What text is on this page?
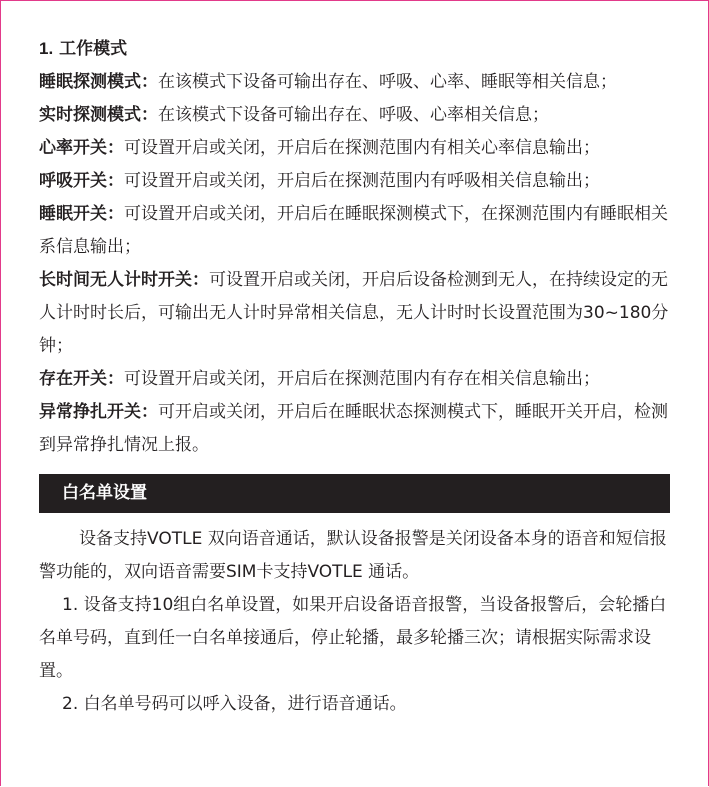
1. 工作模式

睡眠探测模式：在该模式下设备可输出存在、呼吸、心率、睡眠等相关信息；

实时探测模式：在该模式下设备可输出存在、呼吸、心率相关信息；

心率开关：可设置开启或关闭，开启后在探测范围内有相关心率信息输出；

呼吸开关：可设置开启或关闭，开启后在探测范围内有呼吸相关信息输出；

睡眠开关：可设置开启或关闭，开启后在睡眠探测模式下，在探测范围内有睡眠相关系信息输出；

长时间无人计时开关：可设置开启或关闭，开启后设备检测到无人，在持续设定的无人计时时长后，可输出无人计时异常相关信息，无人计时时长设置范围为30~180分钟；

存在开关：可设置开启或关闭，开启后在探测范围内有存在相关信息输出；

异常挣扎开关：可开启或关闭，开启后在睡眠状态探测模式下，睡眠开关开启，检测到异常挣扎情况上报。

白名单设置

设备支持VOTLE 双向语音通话，默认设备报警是关闭设备本身的语音和短信报警功能的，双向语音需要SIM卡支持VOTLE 通话。

1. 设备支持10组白名单设置，如果开启设备语音报警，当设备报警后，会轮播白名单号码，直到任一白名单接通后，停止轮播，最多轮播三次；请根据实际需求设置。

2. 白名单号码可以呼入设备，进行语音通话。
